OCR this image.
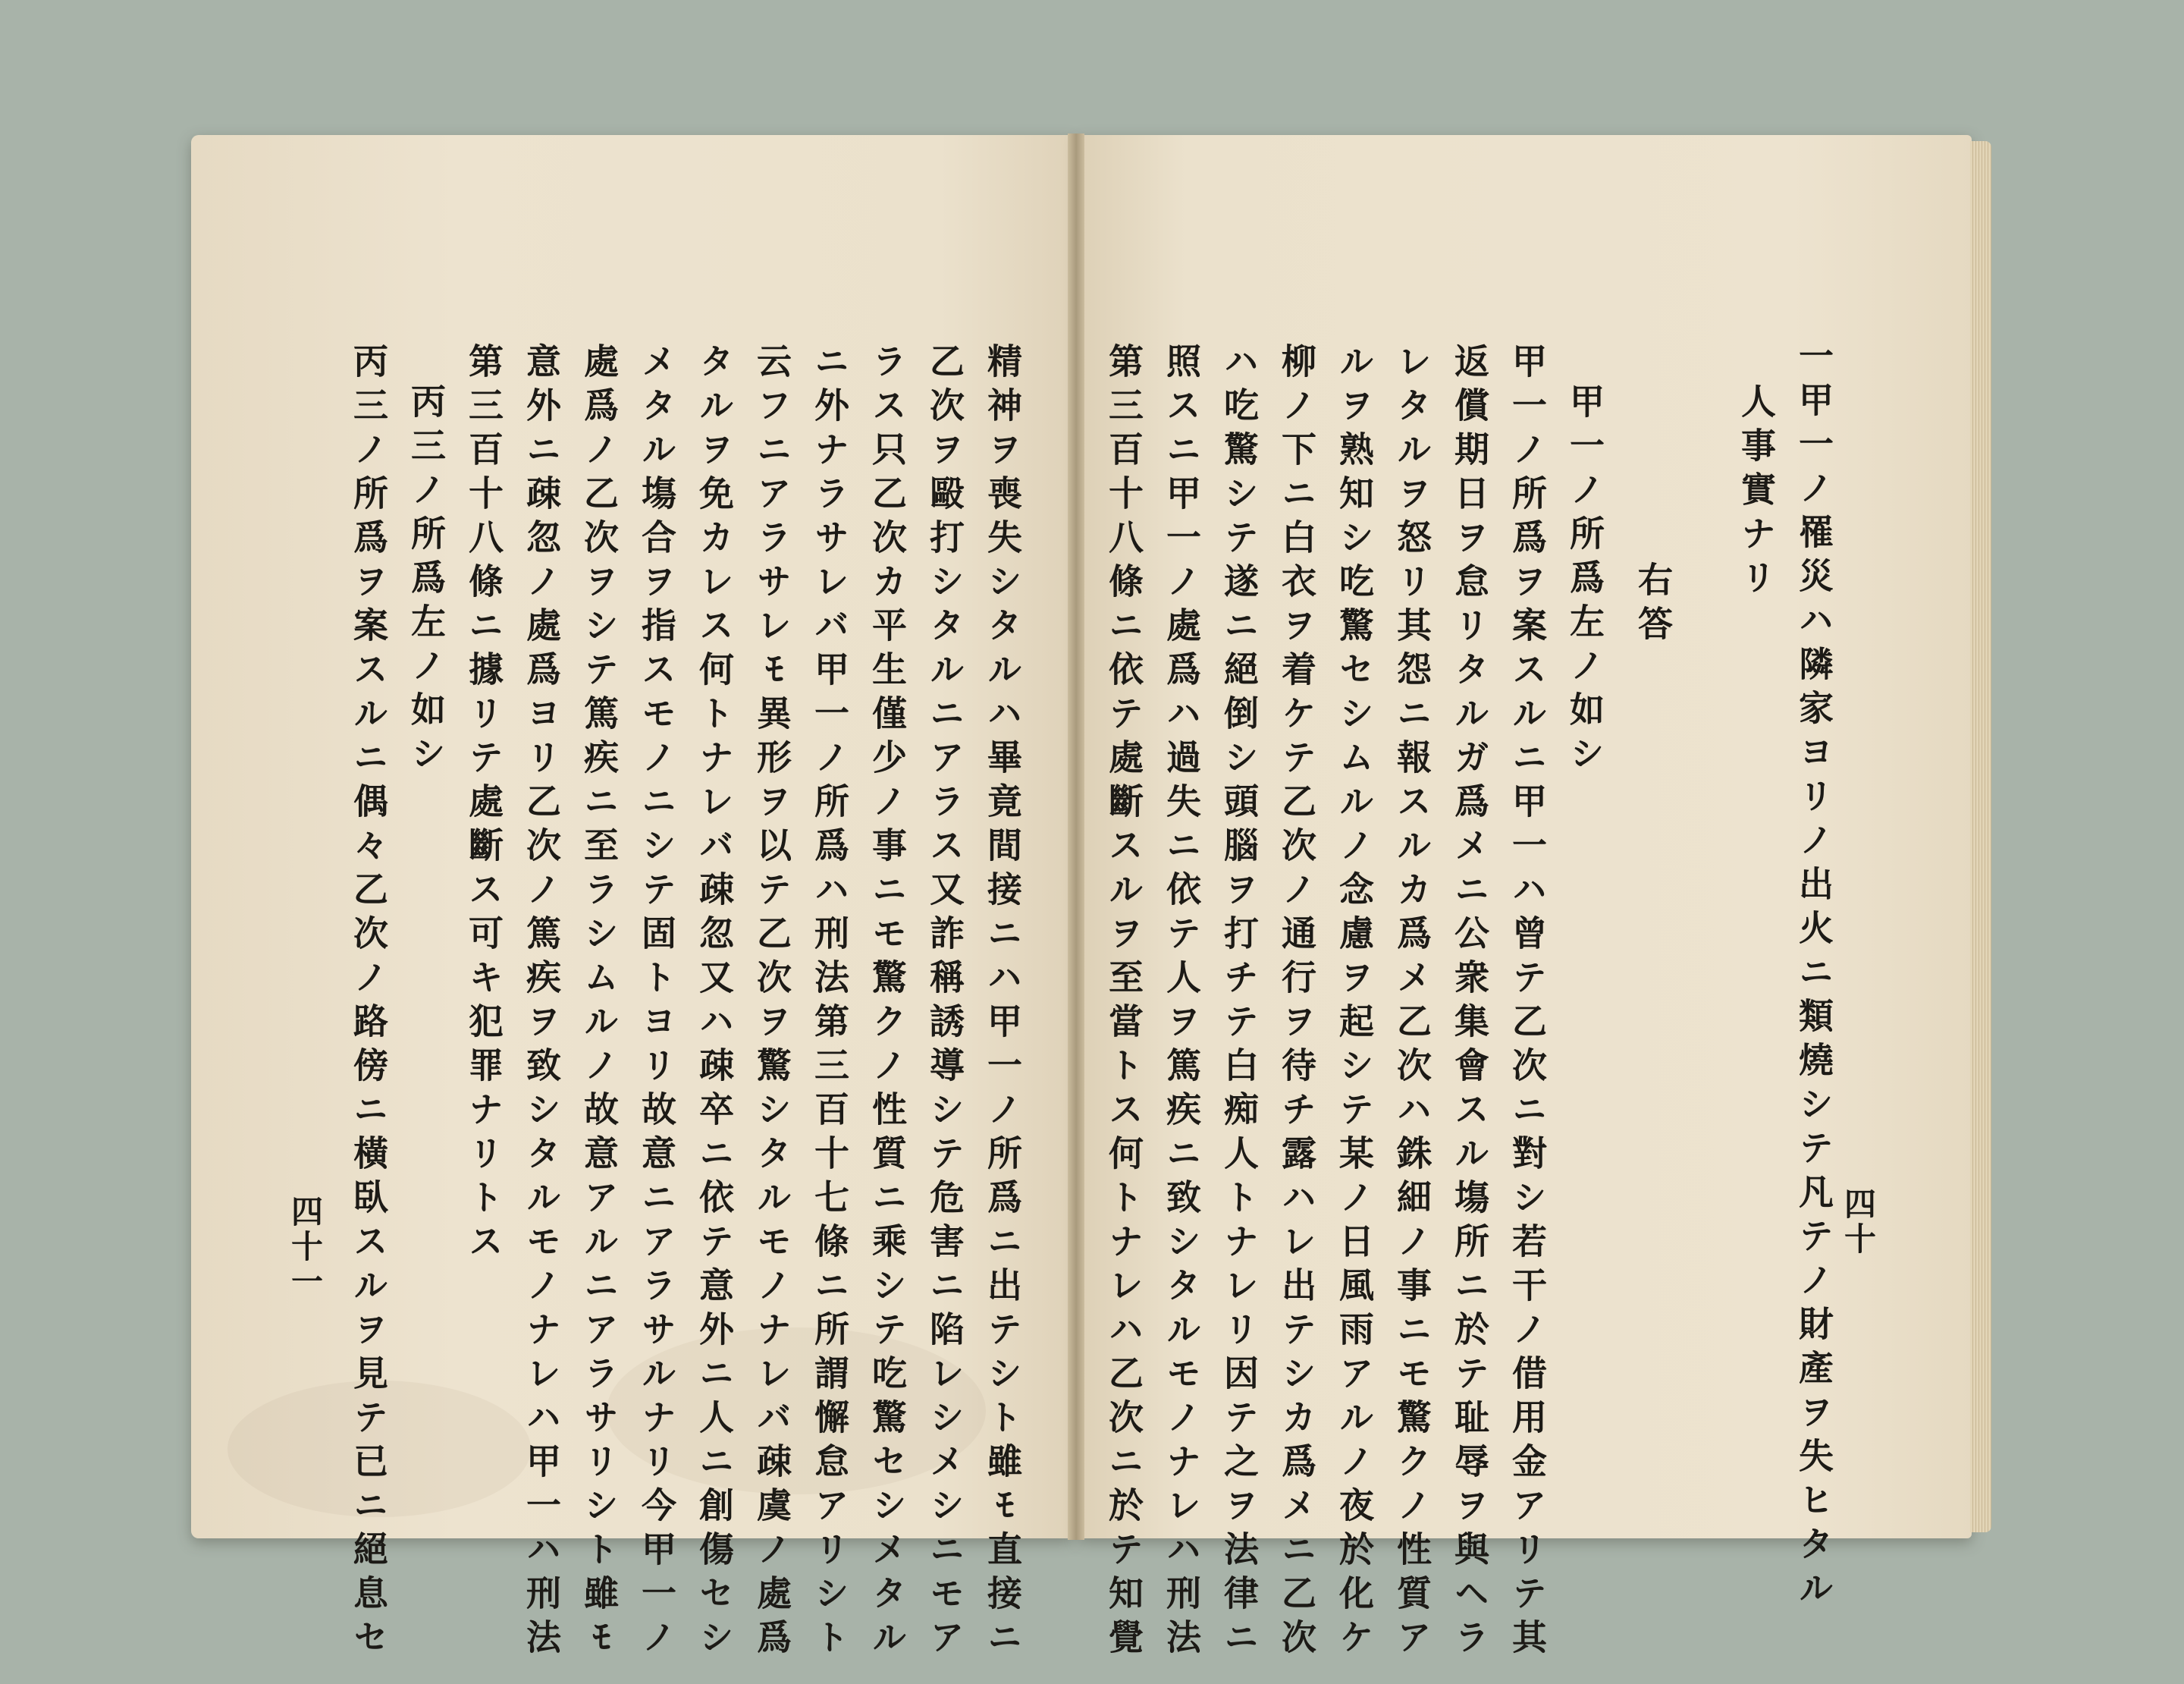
精神ヲ喪失シタルハ畢竟間接ニハ甲一ノ所爲ニ出テシト雖ﾓ直接ニ
乙次ヲ毆打シタルニアラス又詐稱誘導シテ危害ニ陷レシメシニモア
ラス只乙次カ平生僅少ノ事ニモ驚クノ性質ニ乘シテ吃驚セシメタル
ニ外ナラサレバ甲一ノ所爲ハ刑法第三百十七條ニ所謂懈怠アリシト
云フニアラサレﾓ異形ヲ以テ乙次ヲ驚シタルモノナレバ疎虞ノ處爲
タルヲ免カレス何トナレバ疎忽又ハ疎卒ニ依テ意外ニ人ニ創傷セシ
メタル塲合ヲ指スモノニシテ固トヨリ故意ニアラサルナリ今甲一ノ
處爲ノ乙次ヲシテ篤疾ニ至ラシムルノ故意アルニアラサリシト雖ﾓ
意外ニ疎忽ノ處爲ヨリ乙次ノ篤疾ヲ致シタルモノナレハ甲一ハ刑法
第三百十八條ニ據リテ處斷ス可キ犯罪ナリトス
丙三ノ所爲左ノ如シ
丙三ノ所爲ヲ案スルニ偶々乙次ノ路傍ニ橫臥スルヲ見テ已ニ絕息セ
四十一	一甲一ノ罹災ハ隣家ヨリノ出火ニ類燒シテ凡テノ財產ヲ失ヒタル
人事實ナリ
右答
甲一ノ所爲左ノ如シ
甲一ノ所爲ヲ案スルニ甲一ハ曾テ乙次ニ對シ若干ノ借用金アリテ其
返償期日ヲ怠リタルガ爲メニ公衆集會スル塲所ニ於テ耻辱ヲ與ヘラ
レタルヲ怒リ其怨ニ報スルカ爲メ乙次ハ銖細ノ事ニモ驚クノ性質ア
ルヲ熟知シ吃驚セシムルノ念慮ヲ起シテ某ノ日風雨アルノ夜於化ケ
柳ノ下ニ白衣ヲ着ケテ乙次ノ通行ヲ待チ露ハレ出テシカ爲メニ乙次
ハ吃驚シテ遂ニ絕倒シ頭腦ヲ打チテ白痴人トナレリ因テ之ヲ法律ニ
照スニ甲一ノ處爲ハ過失ニ依テ人ヲ篤疾ニ致シタルモノナレハ刑法
第三百十八條ニ依テ處斷スルヲ至當トス何トナレハ乙次ニ於テ知覺	四十
